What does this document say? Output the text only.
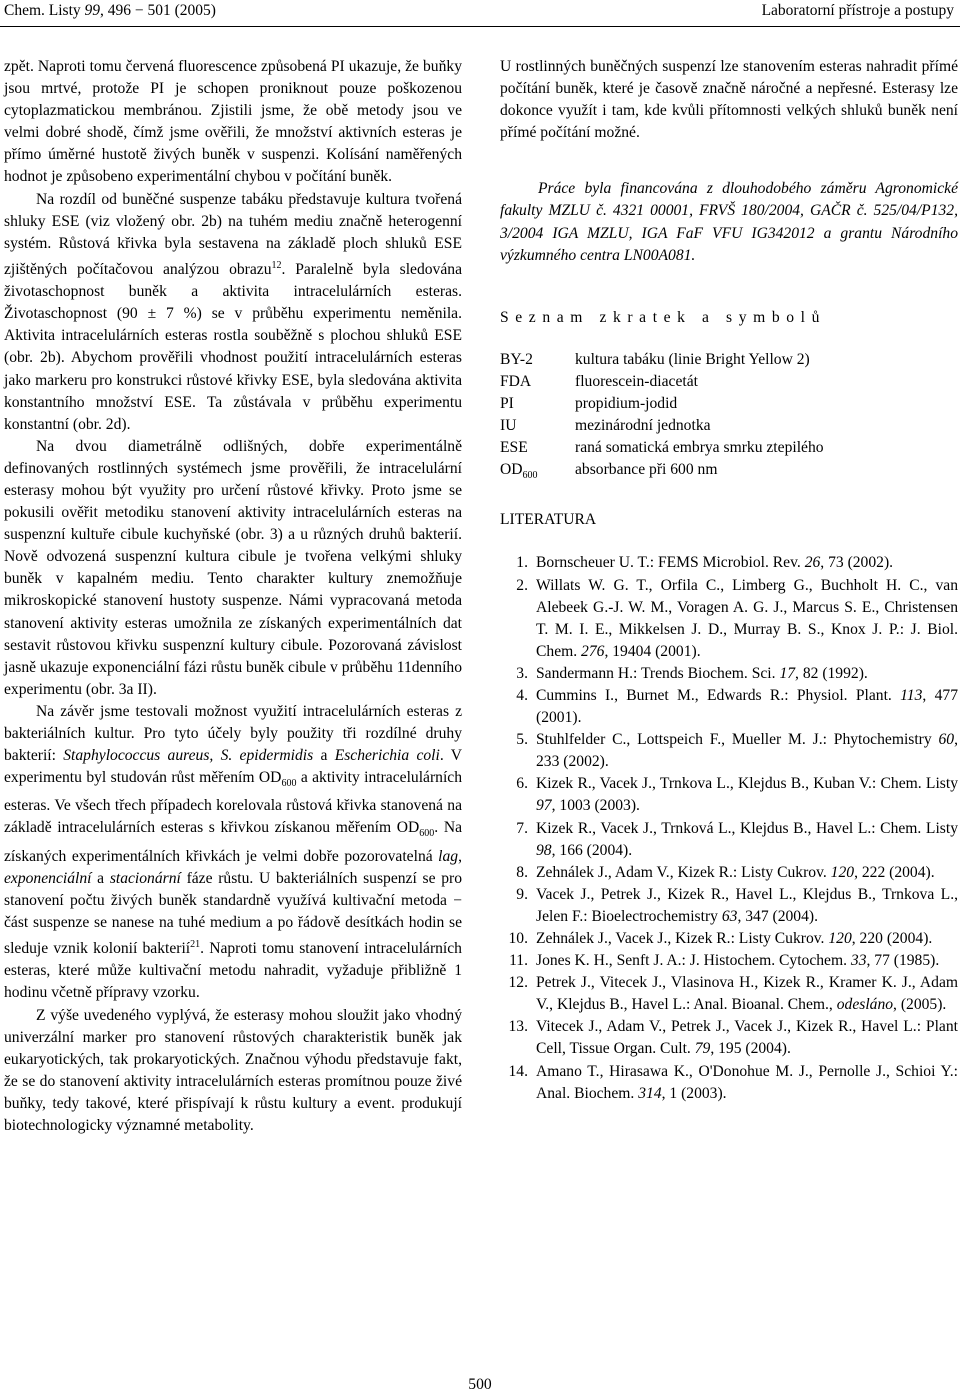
Chem. Listy 99, 496 − 501 (2005)	Laboratorní přístroje a postupy

zpět. Naproti tomu červená fluorescence způsobená PI ukazuje, že buňky jsou mrtvé, protože PI je schopen proniknout pouze poškozenou cytoplazmatickou membránou. Zjistili jsme, že obě metody jsou ve velmi dobré shodě, čímž jsme ověřili, že množství aktivních esteras je přímo úměrné hustotě živých buněk v suspenzi. Kolísání naměřených hodnot je způsobeno experimentální chybou v počítání buněk.

Na rozdíl od buněčné suspenze tabáku představuje kultura tvořená shluky ESE (viz vložený obr. 2b) na tuhém mediu značně heterogenní systém. Růstová křivka byla sestavena na základě ploch shluků ESE zjištěných počítačovou analýzou obrazu$^{12}$. Paralelně byla sledována životaschopnost buněk a aktivita intracelulárních esteras. Životaschopnost (90 ± 7 %) se v průběhu experimentu neměnila. Aktivita intracelulárních esteras rostla souběžně s plochou shluků ESE (obr. 2b). Abychom prověřili vhodnost použití intracelulárních esteras jako markeru pro konstrukci růstové křivky ESE, byla sledována aktivita konstantního množství ESE. Ta zůstávala v průběhu experimentu konstantní (obr. 2d).

Na dvou diametrálně odlišných, dobře experimentálně definovaných rostlinných systémech jsme prověřili, že intracelulární esterasy mohou být využity pro určení růstové křivky. Proto jsme se pokusili ověřit metodiku stanovení aktivity intracelulárních esteras na suspenzní kultuře cibule kuchyňské (obr. 3) a u různých druhů bakterií. Nově odvozená suspenzní kultura cibule je tvořena velkými shluky buněk v kapalném mediu. Tento charakter kultury znemožňuje mikroskopické stanovení hustoty suspenze. Námi vypracovaná metoda stanovení aktivity esteras umožnila ze získaných experimentálních dat sestavit růstovou křivku suspenzní kultury cibule. Pozorovaná závislost jasně ukazuje exponenciální fázi růstu buněk cibule v průběhu 11denního experimentu (obr. 3a II).

Na závěr jsme testovali možnost využití intracelulárních esteras z bakteriálních kultur. Pro tyto účely byly použity tři rozdílné druhy bakterií: Staphylococcus aureus, S. epidermidis a Escherichia coli. V experimentu byl studován růst měřením $OD_{600}$ a aktivity intracelulárních esteras. Ve všech třech případech korelovala růstová křivka stanovená na základě intracelulárních esteras s křivkou získanou měřením $OD_{600}$. Na získaných experimentálních křivkách je velmi dobře pozorovatelná lag, exponenciální a stacionární fáze růstu. U bakteriálních suspenzí se pro stanovení počtu živých buněk standardně využívá kultivační metoda − část suspenze se nanese na tuhé medium a po řádově desítkách hodin se sleduje vznik kolonií bakterií$^{21}$. Naproti tomu stanovení intracelulárních esteras, které může kultivační metodu nahradit, vyžaduje přibližně 1 hodinu včetně přípravy vzorku.

Z výše uvedeného vyplývá, že esterasy mohou sloužit jako vhodný univerzální marker pro stanovení růstových charakteristik buněk jak eukaryotických, tak prokaryotických. Značnou výhodu představuje fakt, že se do stanovení aktivity intracelulárních esteras promítnou pouze živé buňky, tedy takové, které přispívají k růstu kultury a event. produkují biotechnologicky významné metabolity.

U rostlinných buněčných suspenzí lze stanovením esteras nahradit přímé počítání buněk, které je časově značně náročné a nepřesné. Esterasy lze dokonce využít i tam, kde kvůli přítomnosti velkých shluků buněk není přímé počítání možné.

Práce byla financována z dlouhodobého záměru Agronomické fakulty MZLU č. 4321 00001, FRVŠ 180/2004, GAČR č. 525/04/P132, 3/2004 IGA MZLU, IGA FaF VFU IG342012 a grantu Národního výzkumného centra LN00A081.

Seznam zkratek a symbolů
BY-2	kultura tabáku (linie Bright Yellow 2)
FDA	fluorescein-diacetát
PI	propidium-jodid
IU	mezinárodní jednotka
ESE	raná somatická embrya smrku ztepilého
$OD_{600}$	absorbance při 600 nm
LITERATURA
1. Bornscheuer U. T.: FEMS Microbiol. Rev. 26, 73 (2002).
2. Willats W. G. T., Orfila C., Limberg G., Buchholt H. C., van Alebeek G.-J. W. M., Voragen A. G. J., Marcus S. E., Christensen T. M. I. E., Mikkelsen J. D., Murray B. S., Knox J. P.: J. Biol. Chem. 276, 19404 (2001).
3. Sandermann H.: Trends Biochem. Sci. 17, 82 (1992).
4. Cummins I., Burnet M., Edwards R.: Physiol. Plant. 113, 477 (2001).
5. Stuhlfelder C., Lottspeich F., Mueller M. J.: Phytochemistry 60, 233 (2002).
6. Kizek R., Vacek J., Trnkova L., Klejdus B., Kuban V.: Chem. Listy 97, 1003 (2003).
7. Kizek R., Vacek J., Trnková L., Klejdus B., Havel L.: Chem. Listy 98, 166 (2004).
8. Zehnálek J., Adam V., Kizek R.: Listy Cukrov. 120, 222 (2004).
9. Vacek J., Petrek J., Kizek R., Havel L., Klejdus B., Trnkova L., Jelen F.: Bioelectrochemistry 63, 347 (2004).
10. Zehnálek J., Vacek J., Kizek R.: Listy Cukrov. 120, 220 (2004).
11. Jones K. H., Senft J. A.: J. Histochem. Cytochem. 33, 77 (1985).
12. Petrek J., Vitecek J., Vlasinova H., Kizek R., Kramer K. J., Adam V., Klejdus B., Havel L.: Anal. Bioanal. Chem., odesláno, (2005).
13. Vitecek J., Adam V., Petrek J., Vacek J., Kizek R., Havel L.: Plant Cell, Tissue Organ. Cult. 79, 195 (2004).
14. Amano T., Hirasawa K., O'Donohue M. J., Pernolle J., Schioi Y.: Anal. Biochem. 314, 1 (2003).
500
